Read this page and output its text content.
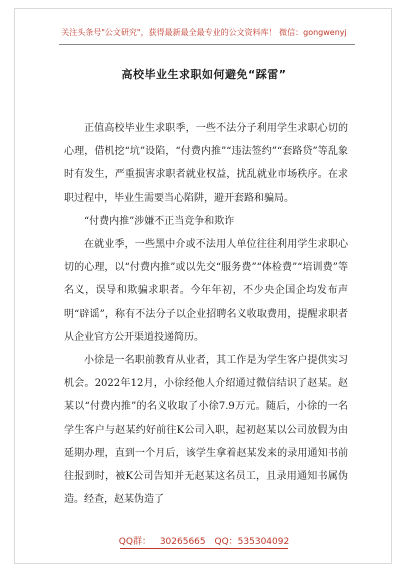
关注头条号"公文研究"，获得最新最全最专业的公文资料库！ 微信：gongwenyj
高校毕业生求职如何避免“踩雷”

正值高校毕业生求职季，一些不法分子利用学生求职心切的心理，借机挖“坑”设陷，“付费内推”“违法签约”“套路贷”等乱象时有发生，严重损害求职者就业权益，扰乱就业市场秩序。在求职过程中，毕业生需要当心陷阱，避开套路和骗局。

“付费内推”涉嫌不正当竞争和欺诈

在就业季，一些黑中介或不法用人单位往往利用学生求职心切的心理，以“付费内推”或以先交“服务费”“体检费”“培训费”等名义，误导和欺骗求职者。今年年初，不少央企国企均发布声明“辟谣”，称有不法分子以企业招聘名义收取费用，提醒求职者从企业官方公开渠道投递简历。

小徐是一名职前教育从业者，其工作是为学生客户提供实习机会。2022年12月，小徐经他人介绍通过微信结识了赵某。赵某以“付费内推”的名义收取了小徐7.9万元。随后，小徐的一名学生客户与赵某约好前往K公司入职，起初赵某以公司放假为由延期办理，直到一个月后，该学生拿着赵某发来的录用通知书前往报到时，被K公司告知并无赵某这名员工，且录用通知书属伪造。经查，赵某伪造了

QQ群： 30265665 QQ：535304092
